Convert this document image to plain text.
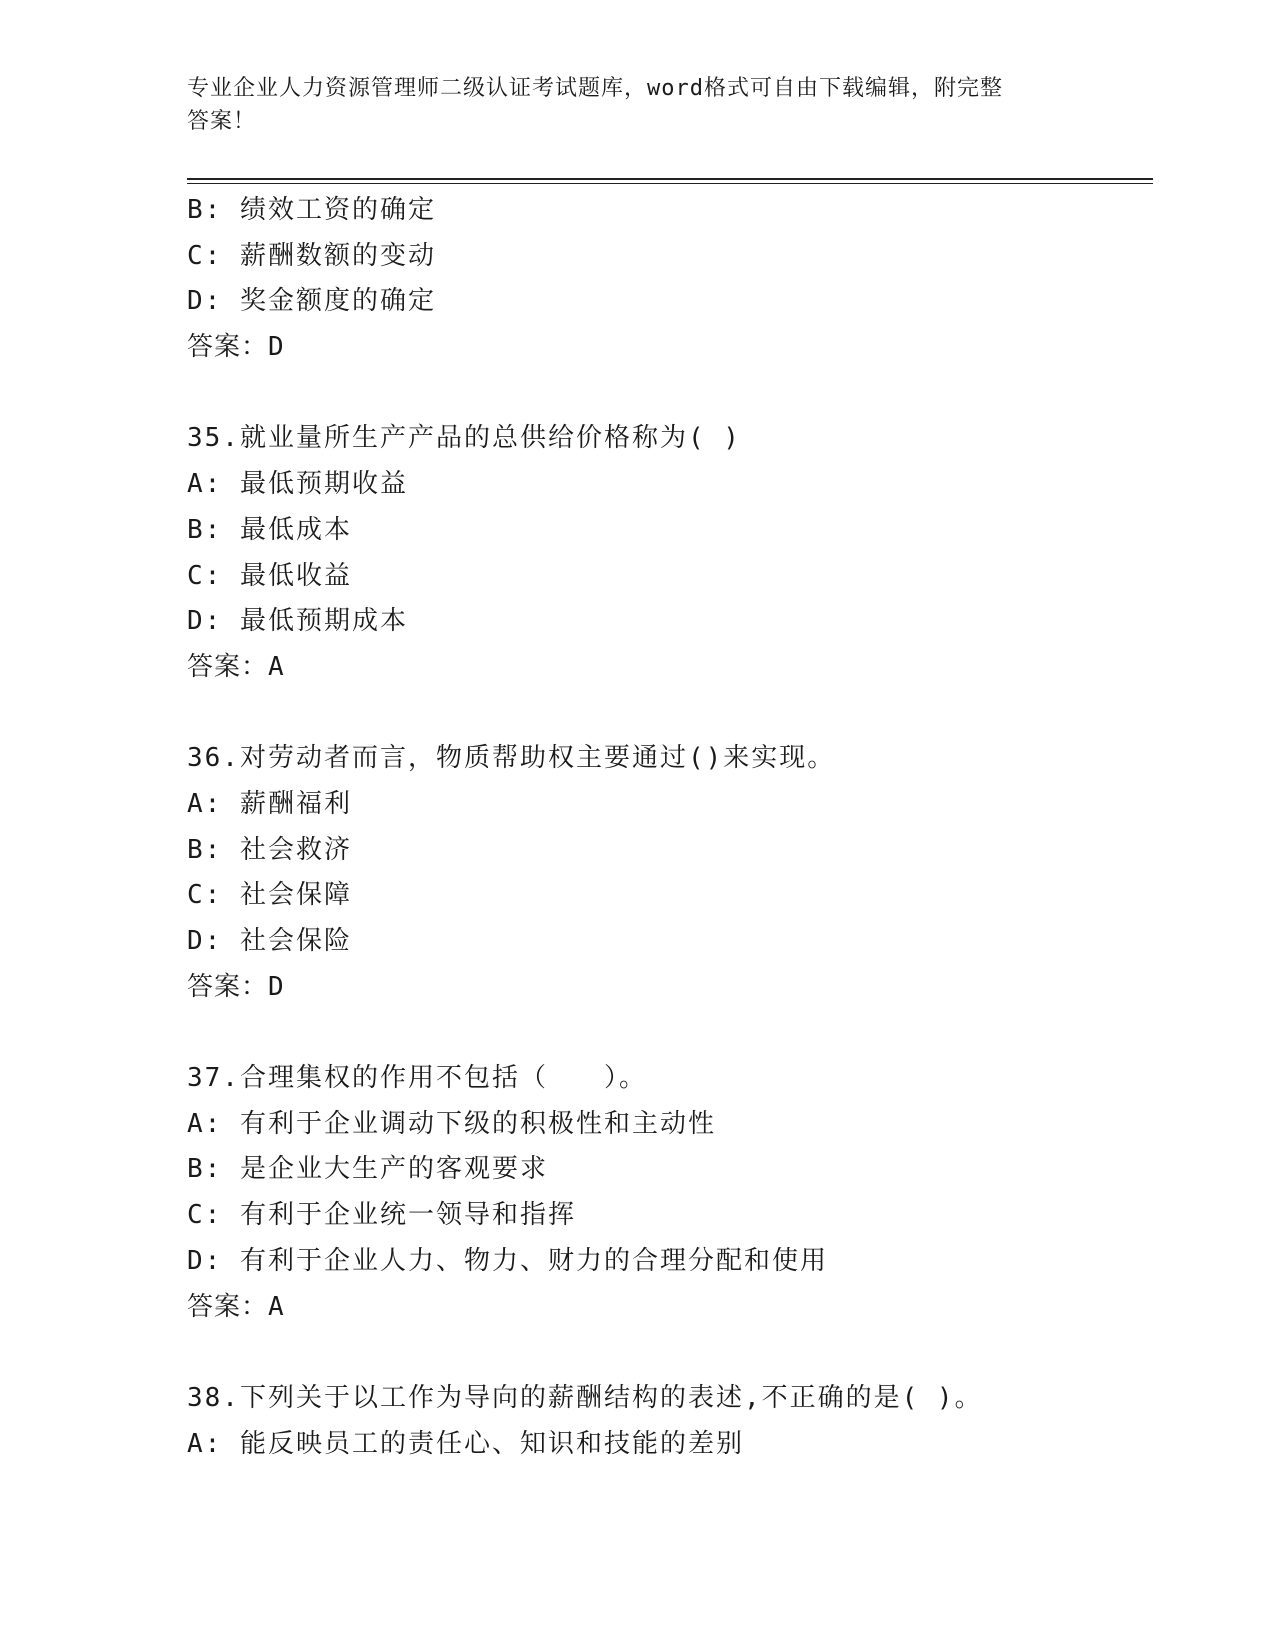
专业企业人力资源管理师二级认证考试题库，word格式可自由下载编辑，附完整
答案！
B: 绩效工资的确定
C: 薪酬数额的变动
D: 奖金额度的确定
答案：D
35.就业量所生产产品的总供给价格称为( )
A: 最低预期收益
B: 最低成本
C: 最低收益
D: 最低预期成本
答案：A
36.对劳动者而言，物质帮助权主要通过()来实现。
A: 薪酬福利
B: 社会救济
C: 社会保障
D: 社会保险
答案：D
37.合理集权的作用不包括（　　）。
A: 有利于企业调动下级的积极性和主动性
B: 是企业大生产的客观要求
C: 有利于企业统一领导和指挥
D: 有利于企业人力、物力、财力的合理分配和使用
答案：A
38.下列关于以工作为导向的薪酬结构的表述,不正确的是( )。
A: 能反映员工的责任心、知识和技能的差别
